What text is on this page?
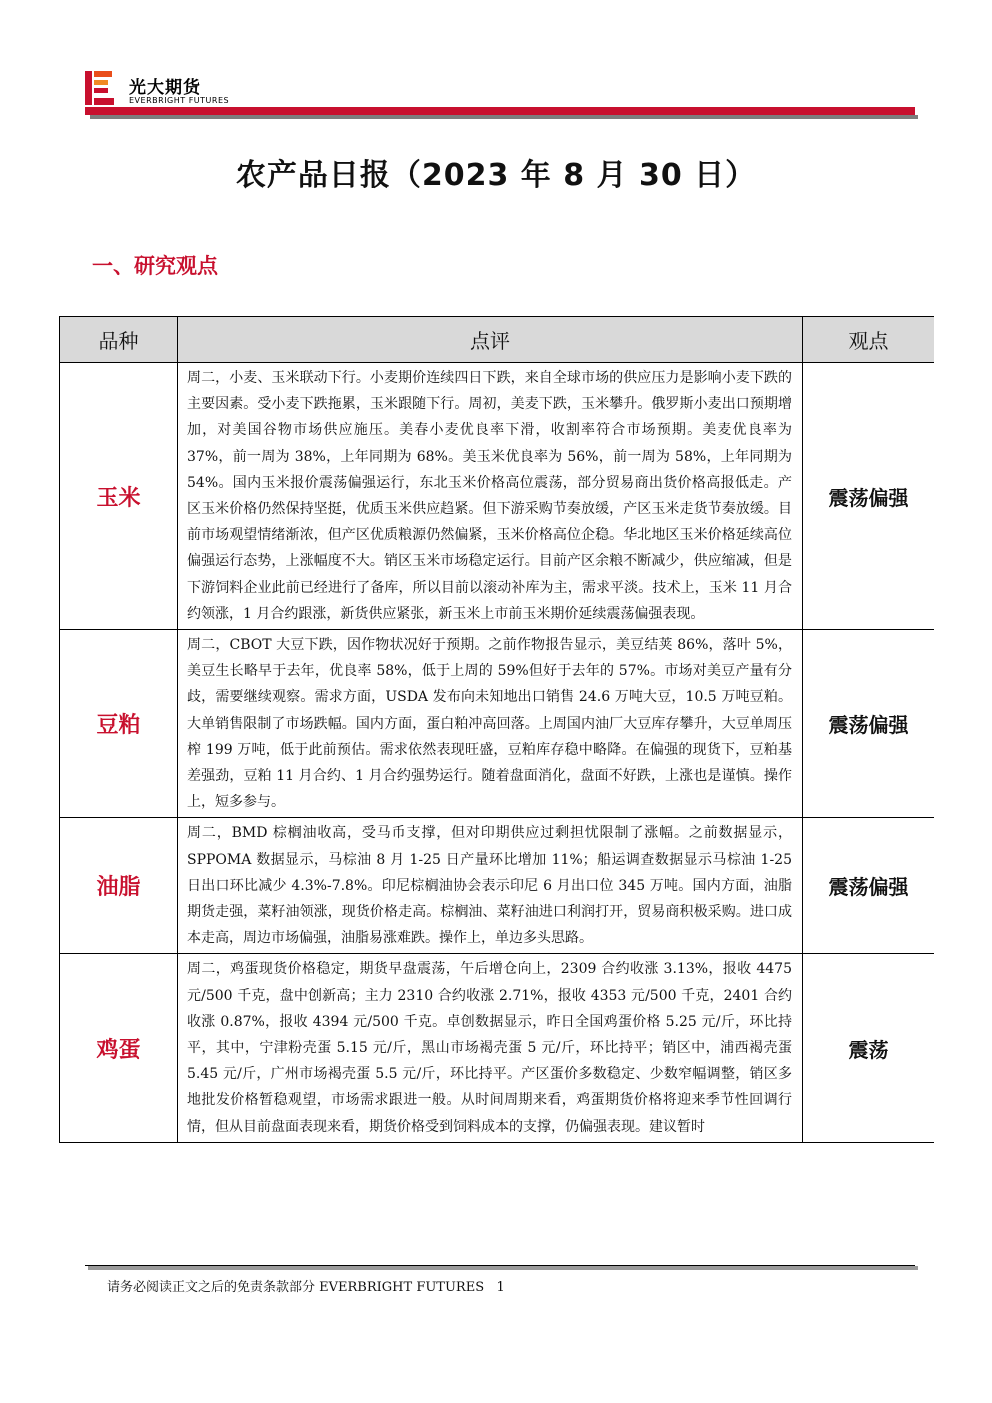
光大期货
EVERBRIGHT FUTURES
农产品日报（2023 年 8 月 30 日）
一、研究观点
品种	点评	观点
玉米	周二，小麦、玉米联动下行。小麦期价连续四日下跌，来自全球市场的供应压力是影响小麦下跌的主要因素。受小麦下跌拖累，玉米跟随下行。周初，美麦下跌，玉米攀升。俄罗斯小麦出口预期增加，对美国谷物市场供应施压。美春小麦优良率下滑，收割率符合市场预期。美麦优良率为 37%，前一周为 38%，上年同期为 68%。美玉米优良率为 56%，前一周为 58%，上年同期为 54%。国内玉米报价震荡偏强运行，东北玉米价格高位震荡，部分贸易商出货价格高报低走。产区玉米价格仍然保持坚挺，优质玉米供应趋紧。但下游采购节奏放缓，产区玉米走货节奏放缓。目前市场观望情绪渐浓，但产区优质粮源仍然偏紧，玉米价格高位企稳。华北地区玉米价格延续高位偏强运行态势，上涨幅度不大。销区玉米市场稳定运行。目前产区余粮不断减少，供应缩减，但是下游饲料企业此前已经进行了备库，所以目前以滚动补库为主，需求平淡。技术上，玉米 11 月合约领涨，1 月合约跟涨，新货供应紧张，新玉米上市前玉米期价延续震荡偏强表现。	震荡偏强
豆粕	周二，CBOT 大豆下跌，因作物状况好于预期。之前作物报告显示，美豆结荚 86%，落叶 5%，美豆生长略早于去年，优良率 58%，低于上周的 59%但好于去年的 57%。市场对美豆产量有分歧，需要继续观察。需求方面，USDA 发布向未知地出口销售 24.6 万吨大豆，10.5 万吨豆粕。大单销售限制了市场跌幅。国内方面，蛋白粕冲高回落。上周国内油厂大豆库存攀升，大豆单周压榨 199 万吨，低于此前预估。需求依然表现旺盛，豆粕库存稳中略降。在偏强的现货下，豆粕基差强劲，豆粕 11 月合约、1 月合约强势运行。随着盘面消化，盘面不好跌，上涨也是谨慎。操作上，短多参与。	震荡偏强
油脂	周二，BMD 棕榈油收高，受马币支撑，但对印期供应过剩担忧限制了涨幅。之前数据显示，SPPOMA 数据显示，马棕油 8 月 1-25 日产量环比增加 11%；船运调查数据显示马棕油 1-25 日出口环比减少 4.3%-7.8%。印尼棕榈油协会表示印尼 6 月出口位 345 万吨。国内方面，油脂期货走强，菜籽油领涨，现货价格走高。棕榈油、菜籽油进口利润打开，贸易商积极采购。进口成本走高，周边市场偏强，油脂易涨难跌。操作上，单边多头思路。	震荡偏强
鸡蛋	周二，鸡蛋现货价格稳定，期货早盘震荡，午后增仓向上，2309 合约收涨 3.13%，报收 4475 元/500 千克，盘中创新高；主力 2310 合约收涨 2.71%，报收 4353 元/500 千克，2401 合约收涨 0.87%，报收 4394 元/500 千克。卓创数据显示，昨日全国鸡蛋价格 5.25 元/斤，环比持平，其中，宁津粉壳蛋 5.15 元/斤，黑山市场褐壳蛋 5 元/斤，环比持平；销区中，浦西褐壳蛋 5.45 元/斤，广州市场褐壳蛋 5.5 元/斤，环比持平。产区蛋价多数稳定、少数窄幅调整，销区多地批发价格暂稳观望，市场需求跟进一般。从时间周期来看，鸡蛋期货价格将迎来季节性回调行情，但从目前盘面表现来看，期货价格受到饲料成本的支撑，仍偏强表现。建议暂时	震荡
请务必阅读正文之后的免责条款部分 EVERBRIGHT FUTURES 1
